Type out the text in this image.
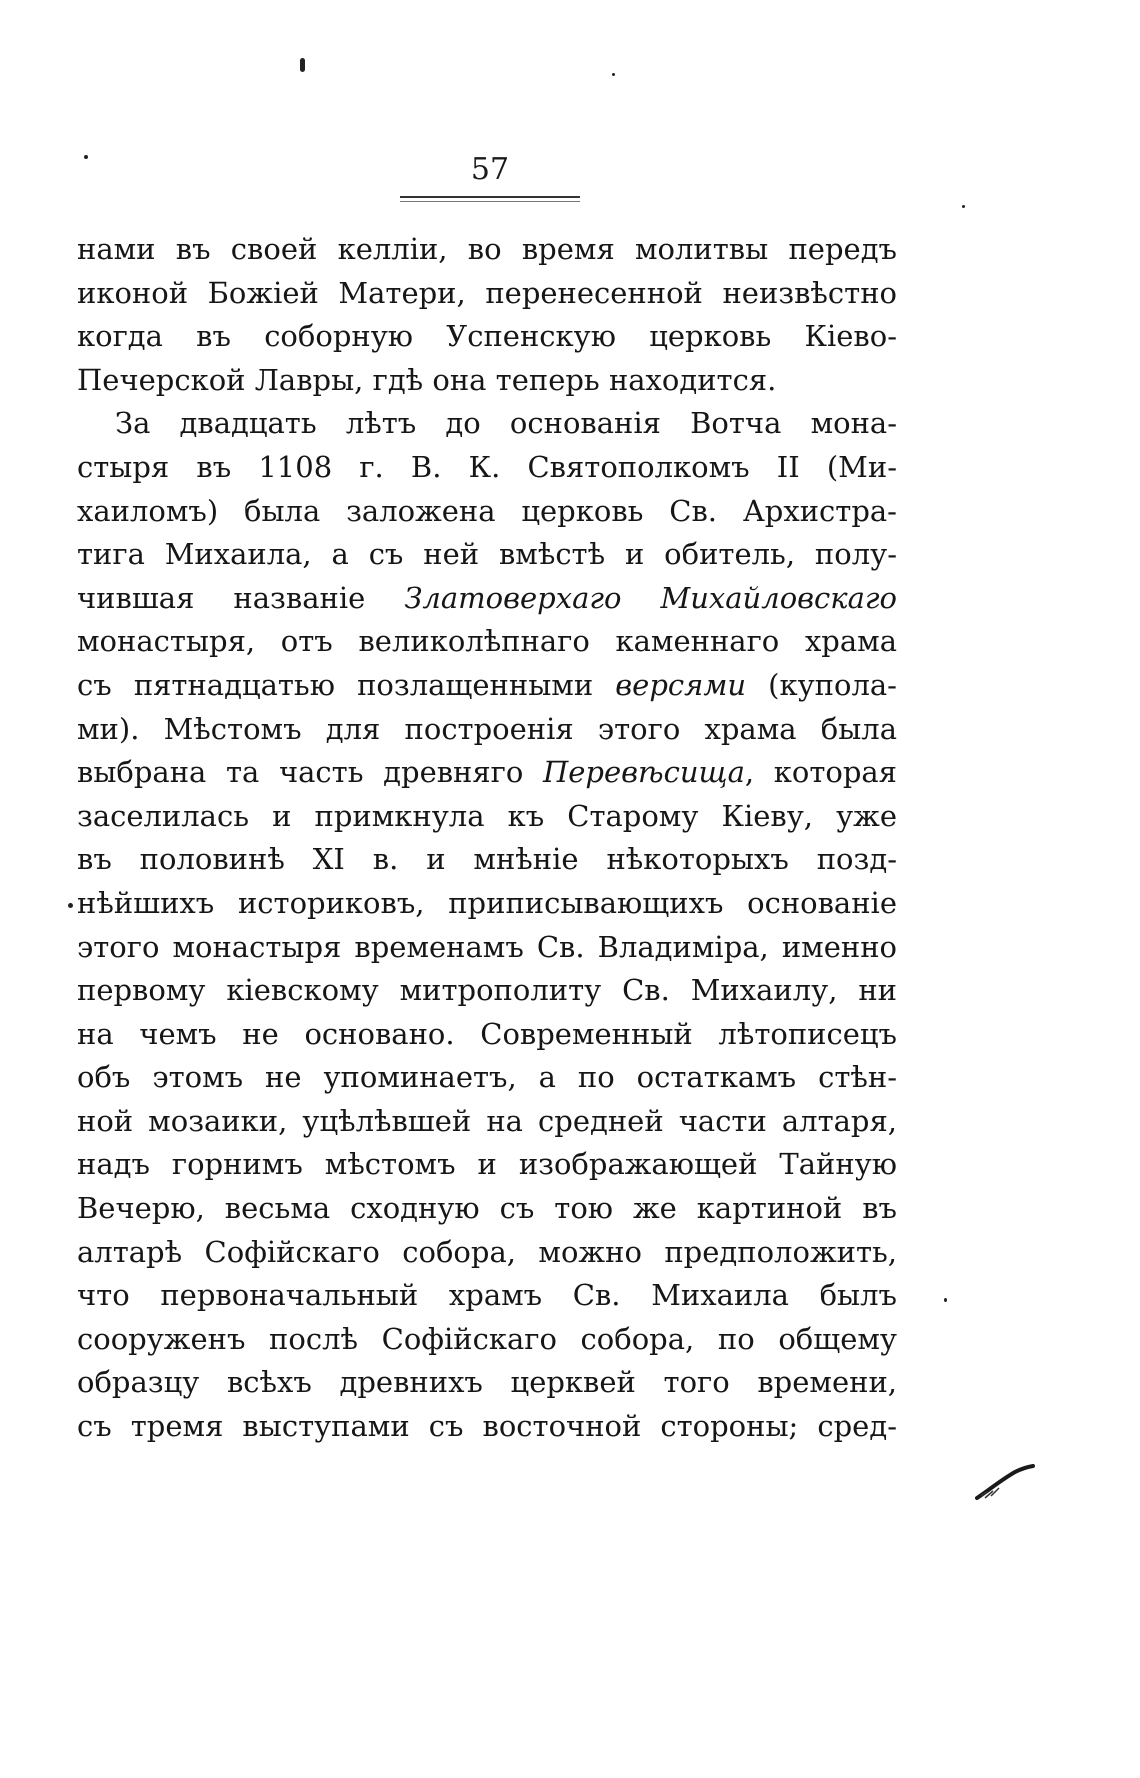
57
нами въ своей келліи, во время молитвы передъ
иконой Божіей Матери, перенесенной неизвѣстно
когда въ соборную Успенскую церковь Кіево-
Печерской Лавры, гдѣ она теперь находится.
За двадцать лѣтъ до основанія Вотча мона-
стыря въ 1108 г. В. К. Святополкомъ II (Ми-
хаиломъ) была заложена церковь Св. Архистра-
тига Михаила, а съ ней вмѣстѣ и обитель, полу-
чившая названіе Златоверхаго Михайловскаго
монастыря, отъ великолѣпнаго каменнаго храма
съ пятнадцатью позлащенными версями (купола-
ми). Мѣстомъ для построенія этого храма была
выбрана та часть древняго Перевѣсища, которая
заселилась и примкнула къ Старому Кіеву, уже
въ половинѣ XI в. и мнѣніе нѣкоторыхъ позд-
нѣйшихъ историковъ, приписывающихъ основаніе
этого монастыря временамъ Св. Владиміра, именно
первому кіевскому митрополиту Св. Михаилу, ни
на чемъ не основано. Современный лѣтописецъ
объ этомъ не упоминаетъ, а по остаткамъ стѣн-
ной мозаики, уцѣлѣвшей на средней части алтаря,
надъ горнимъ мѣстомъ и изображающей Тайную
Вечерю, весьма сходную съ тою же картиной въ
алтарѣ Софійскаго собора, можно предположить,
что первоначальный храмъ Св. Михаила былъ
сооруженъ послѣ Софійскаго собора, по общему
образцу всѣхъ древнихъ церквей того времени,
съ тремя выступами съ восточной стороны; сред-
